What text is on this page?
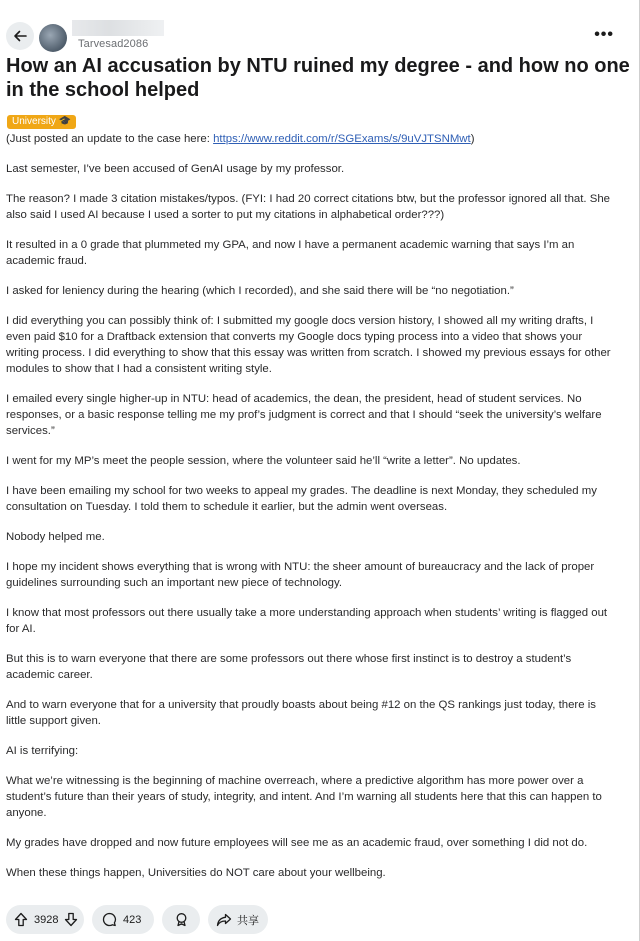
Tarvesad2086
•••
How an AI accusation by NTU ruined my degree - and how no one in the school helped
University 🎓

(Just posted an update to the case here: https://www.reddit.com/r/SGExams/s/9uVJTSNMwt)

Last semester, I’ve been accused of GenAI usage by my professor.

The reason? I made 3 citation mistakes/typos. (FYI: I had 20 correct citations btw, but the professor ignored all that. She also said I used AI because I used a sorter to put my citations in alphabetical order???)

It resulted in a 0 grade that plummeted my GPA, and now I have a permanent academic warning that says I’m an academic fraud.

I asked for leniency during the hearing (which I recorded), and she said there will be “no negotiation.”

I did everything you can possibly think of: I submitted my google docs version history, I showed all my writing drafts, I even paid $10 for a Draftback extension that converts my Google docs typing process into a video that shows your writing process. I did everything to show that this essay was written from scratch. I showed my previous essays for other modules to show that I had a consistent writing style.

I emailed every single higher-up in NTU: head of academics, the dean, the president, head of student services. No responses, or a basic response telling me my prof’s judgment is correct and that I should “seek the university’s welfare services.”

I went for my MP’s meet the people session, where the volunteer said he’ll “write a letter”. No updates.

I have been emailing my school for two weeks to appeal my grades. The deadline is next Monday, they scheduled my consultation on Tuesday. I told them to schedule it earlier, but the admin went overseas.

Nobody helped me.

I hope my incident shows everything that is wrong with NTU: the sheer amount of bureaucracy and the lack of proper guidelines surrounding such an important new piece of technology.

I know that most professors out there usually take a more understanding approach when students’ writing is flagged out for AI.

But this is to warn everyone that there are some professors out there whose first instinct is to destroy a student’s academic career.

And to warn everyone that for a university that proudly boasts about being #12 on the QS rankings just today, there is little support given.

AI is terrifying:

What we’re witnessing is the beginning of machine overreach, where a predictive algorithm has more power over a student’s future than their years of study, integrity, and intent. And I’m warning all students here that this can happen to anyone.

My grades have dropped and now future employees will see me as an academic fraud, over something I did not do.

When these things happen, Universities do NOT care about your wellbeing.

3928	423	共享
